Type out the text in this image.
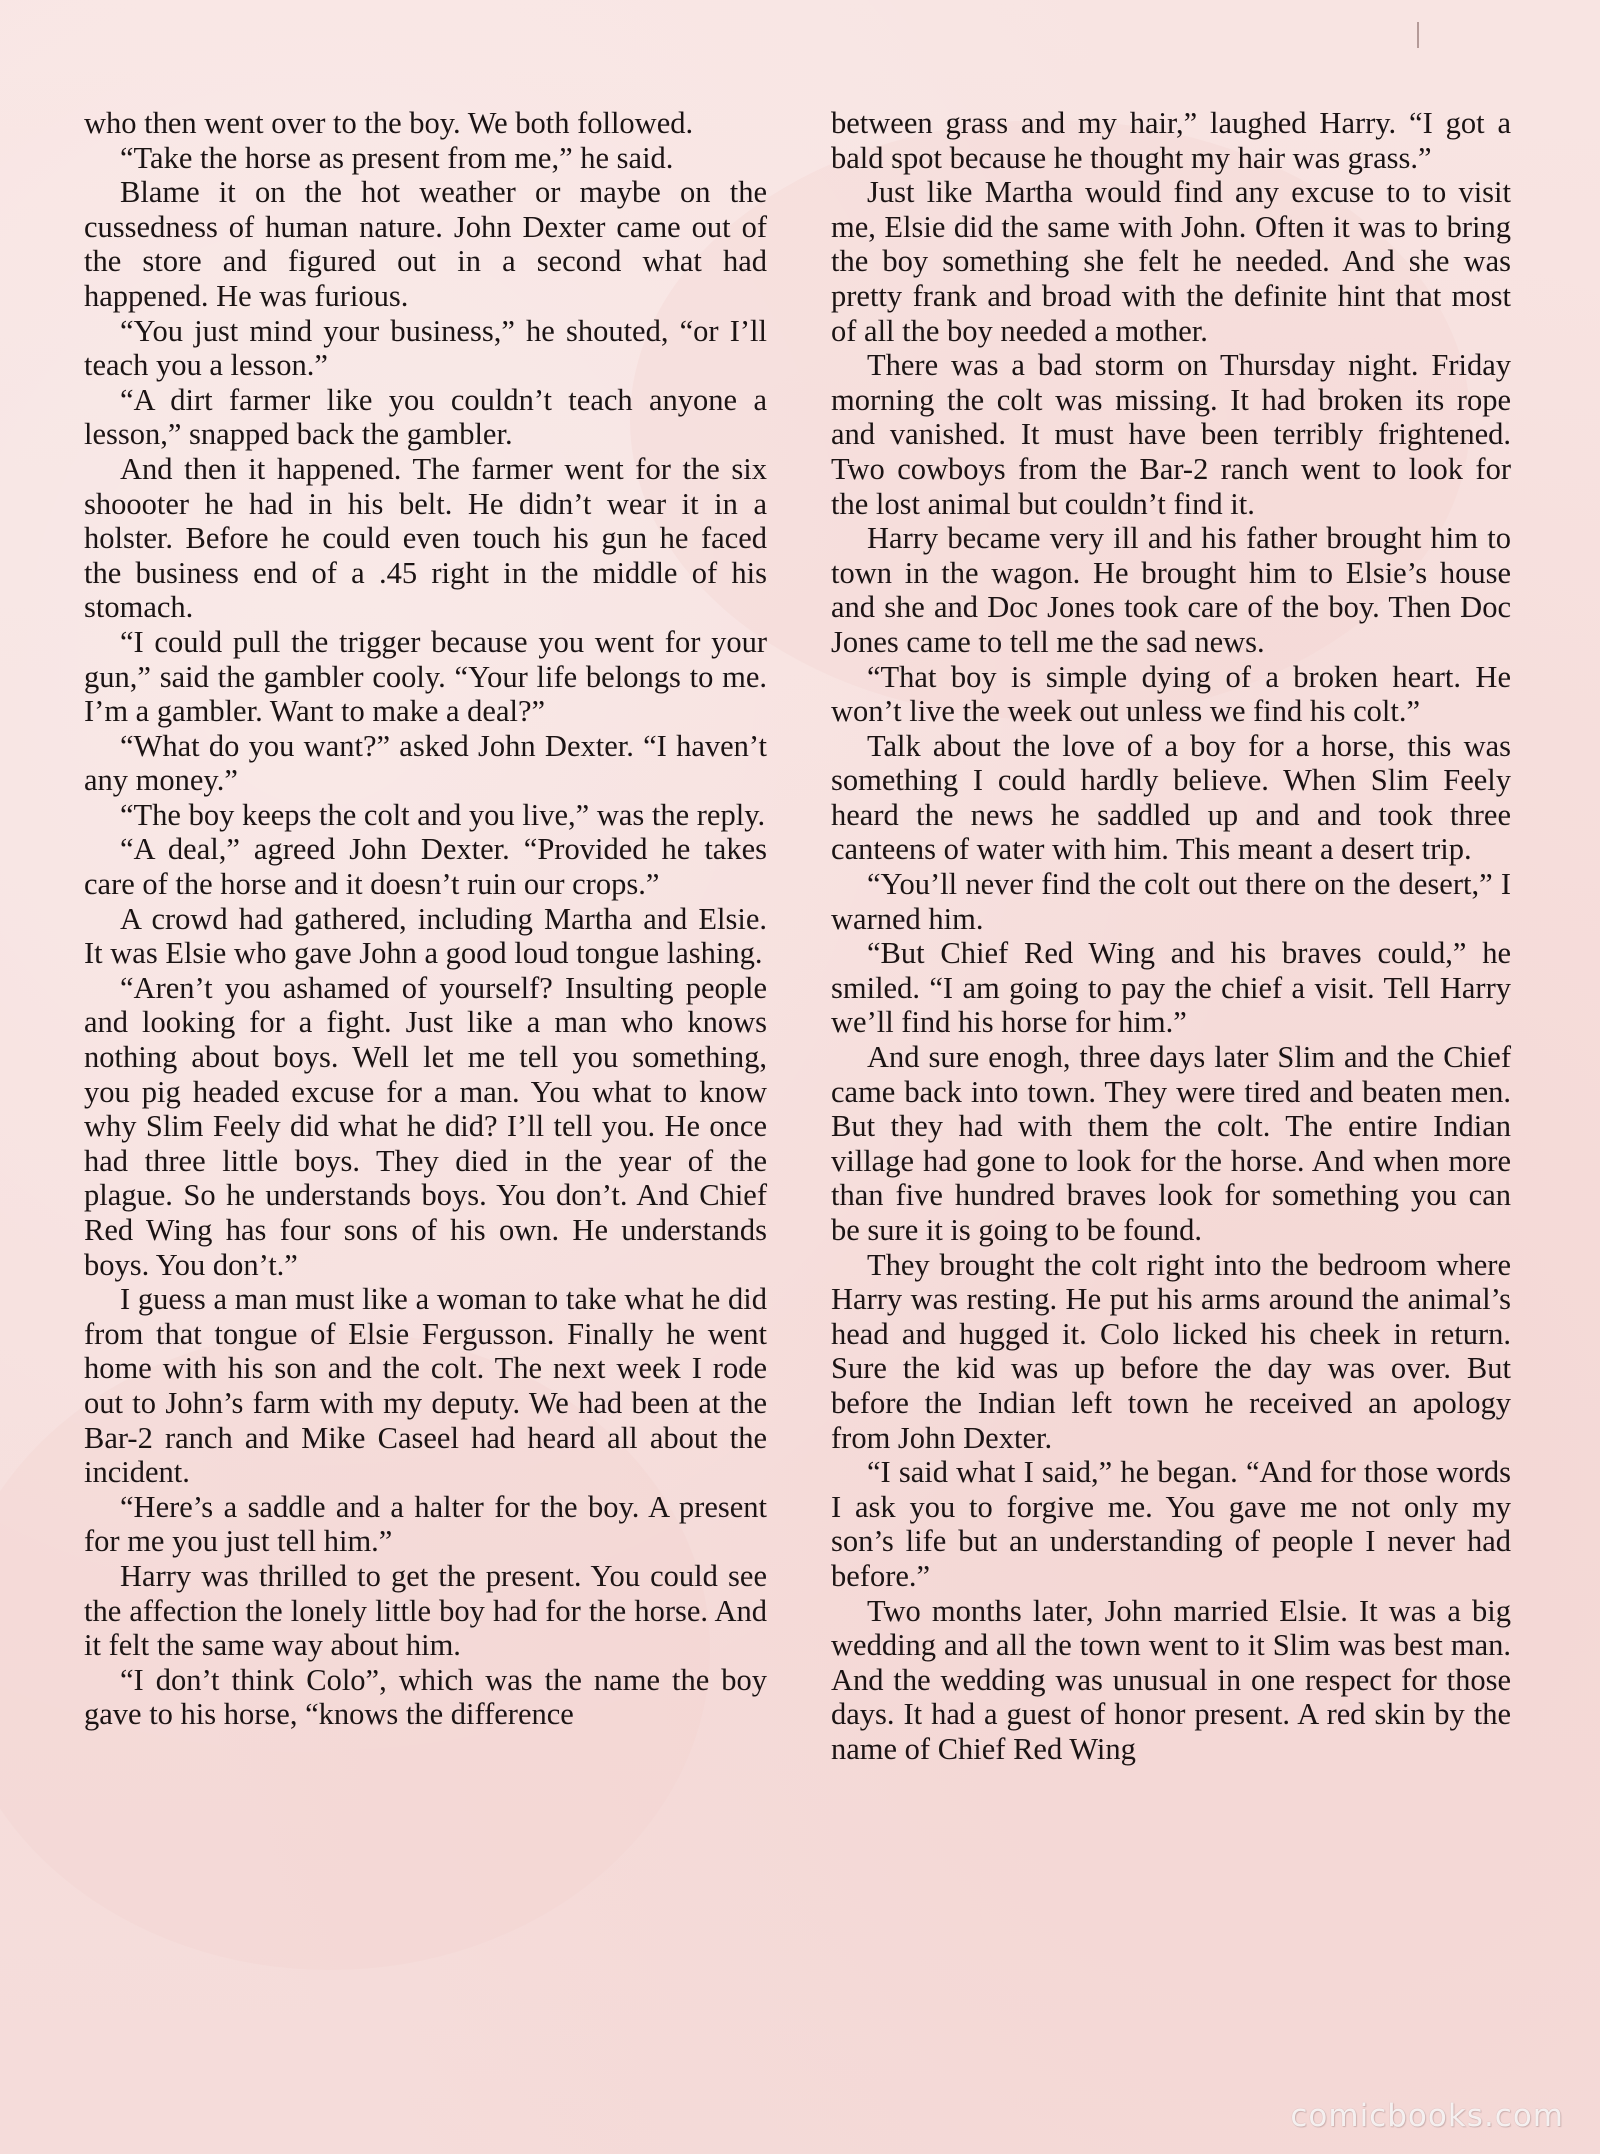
who then went over to the boy. We both followed.

“Take the horse as present from me,” he said.

Blame it on the hot weather or maybe on the cussedness of human nature. John Dexter came out of the store and figured out in a second what had happened. He was furious.

“You just mind your business,” he shouted, “or I’ll teach you a lesson.”

“A dirt farmer like you couldn’t teach anyone a lesson,” snapped back the gambler.

And then it happened. The farmer went for the six shoooter he had in his belt. He didn’t wear it in a holster. Before he could even touch his gun he faced the business end of a .45 right in the middle of his stomach.

“I could pull the trigger because you went for your gun,” said the gambler cooly. “Your life belongs to me. I’m a gambler. Want to make a deal?”

“What do you want?” asked John Dexter. “I haven’t any money.”

“The boy keeps the colt and you live,” was the reply.

“A deal,” agreed John Dexter. “Provided he takes care of the horse and it doesn’t ruin our crops.”

A crowd had gathered, including Martha and Elsie. It was Elsie who gave John a good loud tongue lashing.

“Aren’t you ashamed of yourself? Insulting people and looking for a fight. Just like a man who knows nothing about boys. Well let me tell you something, you pig headed excuse for a man. You what to know why Slim Feely did what he did? I’ll tell you. He once had three little boys. They died in the year of the plague. So he understands boys. You don’t. And Chief Red Wing has four sons of his own. He understands boys. You don’t.”

I guess a man must like a woman to take what he did from that tongue of Elsie Fergusson. Finally he went home with his son and the colt. The next week I rode out to John’s farm with my deputy. We had been at the Bar-2 ranch and Mike Caseel had heard all about the incident.

“Here’s a saddle and a halter for the boy. A present for me you just tell him.”

Harry was thrilled to get the present. You could see the affection the lonely little boy had for the horse. And it felt the same way about him.

“I don’t think Colo”, which was the name the boy gave to his horse, “knows the difference

between grass and my hair,” laughed Harry. “I got a bald spot because he thought my hair was grass.”

Just like Martha would find any excuse to to visit me, Elsie did the same with John. Often it was to bring the boy something she felt he needed. And she was pretty frank and broad with the definite hint that most of all the boy needed a mother.

There was a bad storm on Thursday night. Friday morning the colt was missing. It had broken its rope and vanished. It must have been terribly frightened. Two cowboys from the Bar-2 ranch went to look for the lost animal but couldn’t find it.

Harry became very ill and his father brought him to town in the wagon. He brought him to Elsie’s house and she and Doc Jones took care of the boy. Then Doc Jones came to tell me the sad news.

“That boy is simple dying of a broken heart. He won’t live the week out unless we find his colt.”

Talk about the love of a boy for a horse, this was something I could hardly believe. When Slim Feely heard the news he saddled up and and took three canteens of water with him. This meant a desert trip.

“You’ll never find the colt out there on the desert,” I warned him.

“But Chief Red Wing and his braves could,” he smiled. “I am going to pay the chief a visit. Tell Harry we’ll find his horse for him.”

And sure enogh, three days later Slim and the Chief came back into town. They were tired and beaten men. But they had with them the colt. The entire Indian village had gone to look for the horse. And when more than five hundred braves look for something you can be sure it is going to be found.

They brought the colt right into the bedroom where Harry was resting. He put his arms around the animal’s head and hugged it. Colo licked his cheek in return. Sure the kid was up before the day was over. But before the Indian left town he received an apology from John Dexter.

“I said what I said,” he began. “And for those words I ask you to forgive me. You gave me not only my son’s life but an understanding of people I never had before.”

Two months later, John married Elsie. It was a big wedding and all the town went to it Slim was best man. And the wedding was unusual in one respect for those days. It had a guest of honor present. A red skin by the name of Chief Red Wing

comicbooks.com
